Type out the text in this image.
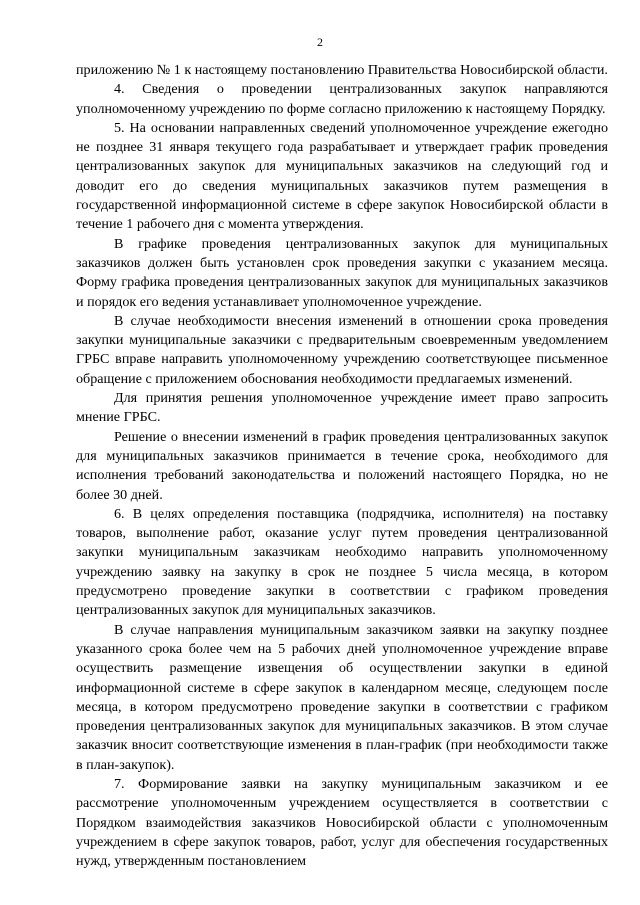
2

приложению № 1 к настоящему постановлению Правительства Новосибирской области.

4. Сведения о проведении централизованных закупок направляются уполномоченному учреждению по форме согласно приложению к настоящему Порядку.

5. На основании направленных сведений уполномоченное учреждение ежегодно не позднее 31 января текущего года разрабатывает и утверждает график проведения централизованных закупок для муниципальных заказчиков на следующий год и доводит его до сведения муниципальных заказчиков путем размещения в государственной информационной системе в сфере закупок Новосибирской области в течение 1 рабочего дня с момента утверждения.

В графике проведения централизованных закупок для муниципальных заказчиков должен быть установлен срок проведения закупки с указанием месяца. Форму графика проведения централизованных закупок для муниципальных заказчиков и порядок его ведения устанавливает уполномоченное учреждение.

В случае необходимости внесения изменений в отношении срока проведения закупки муниципальные заказчики с предварительным своевременным уведомлением ГРБС вправе направить уполномоченному учреждению соответствующее письменное обращение с приложением обоснования необходимости предлагаемых изменений.

Для принятия решения уполномоченное учреждение имеет право запросить мнение ГРБС.

Решение о внесении изменений в график проведения централизованных закупок для муниципальных заказчиков принимается в течение срока, необходимого для исполнения требований законодательства и положений настоящего Порядка, но не более 30 дней.

6. В целях определения поставщика (подрядчика, исполнителя) на поставку товаров, выполнение работ, оказание услуг путем проведения централизованной закупки муниципальным заказчикам необходимо направить уполномоченному учреждению заявку на закупку в срок не позднее 5 числа месяца, в котором предусмотрено проведение закупки в соответствии с графиком проведения централизованных закупок для муниципальных заказчиков.

В случае направления муниципальным заказчиком заявки на закупку позднее указанного срока более чем на 5 рабочих дней уполномоченное учреждение вправе осуществить размещение извещения об осуществлении закупки в единой информационной системе в сфере закупок в календарном месяце, следующем после месяца, в котором предусмотрено проведение закупки в соответствии с графиком проведения централизованных закупок для муниципальных заказчиков. В этом случае заказчик вносит соответствующие изменения в план-график (при необходимости также в план-закупок).

7. Формирование заявки на закупку муниципальным заказчиком и ее рассмотрение уполномоченным учреждением осуществляется в соответствии с Порядком взаимодействия заказчиков Новосибирской области с уполномоченным учреждением в сфере закупок товаров, работ, услуг для обеспечения государственных нужд, утвержденным постановлением
